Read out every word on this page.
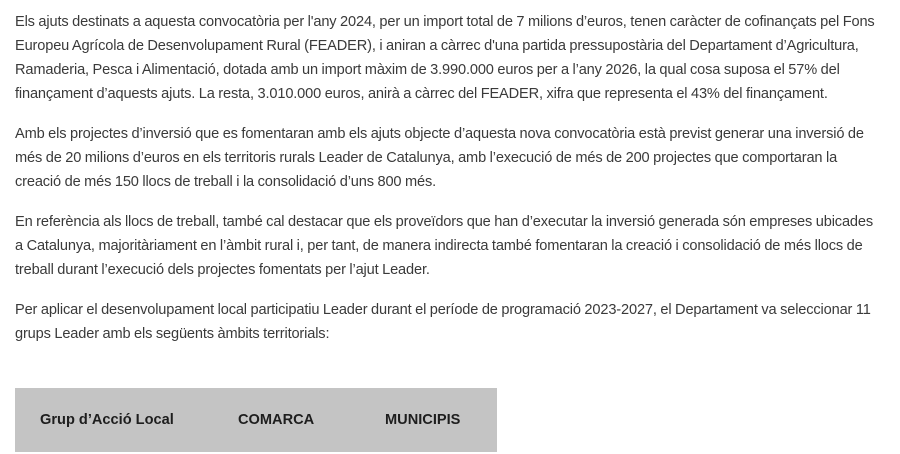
Els ajuts destinats a aquesta convocatòria per l'any 2024, per un import total de 7 milions d’euros, tenen caràcter de cofinançats pel Fons Europeu Agrícola de Desenvolupament Rural (FEADER), i aniran a càrrec d'una partida pressupostària del Departament d’Agricultura, Ramaderia, Pesca i Alimentació, dotada amb un import màxim de 3.990.000 euros per a l’any 2026, la qual cosa suposa el 57% del finançament d’aquests ajuts. La resta, 3.010.000 euros, anirà a càrrec del FEADER, xifra que representa el 43% del finançament.

Amb els projectes d’inversió que es fomentaran amb els ajuts objecte d’aquesta nova convocatòria està previst generar una inversió de més de 20 milions d’euros en els territoris rurals Leader de Catalunya, amb l’execució de més de 200 projectes que comportaran la creació de més 150 llocs de treball i la consolidació d’uns 800 més.

En referència als llocs de treball, també cal destacar que els proveïdors que han d’executar la inversió generada són empreses ubicades a Catalunya, majoritàriament en l’àmbit rural i, per tant, de manera indirecta també fomentaran la creació i consolidació de més llocs de treball durant l’execució dels projectes fomentats per l’ajut Leader.

Per aplicar el desenvolupament local participatiu Leader durant el període de programació 2023-2027, el Departament va seleccionar 11 grups Leader amb els següents àmbits territorials:

Grup d’Acció Local	COMARCA	MUNICIPIS
